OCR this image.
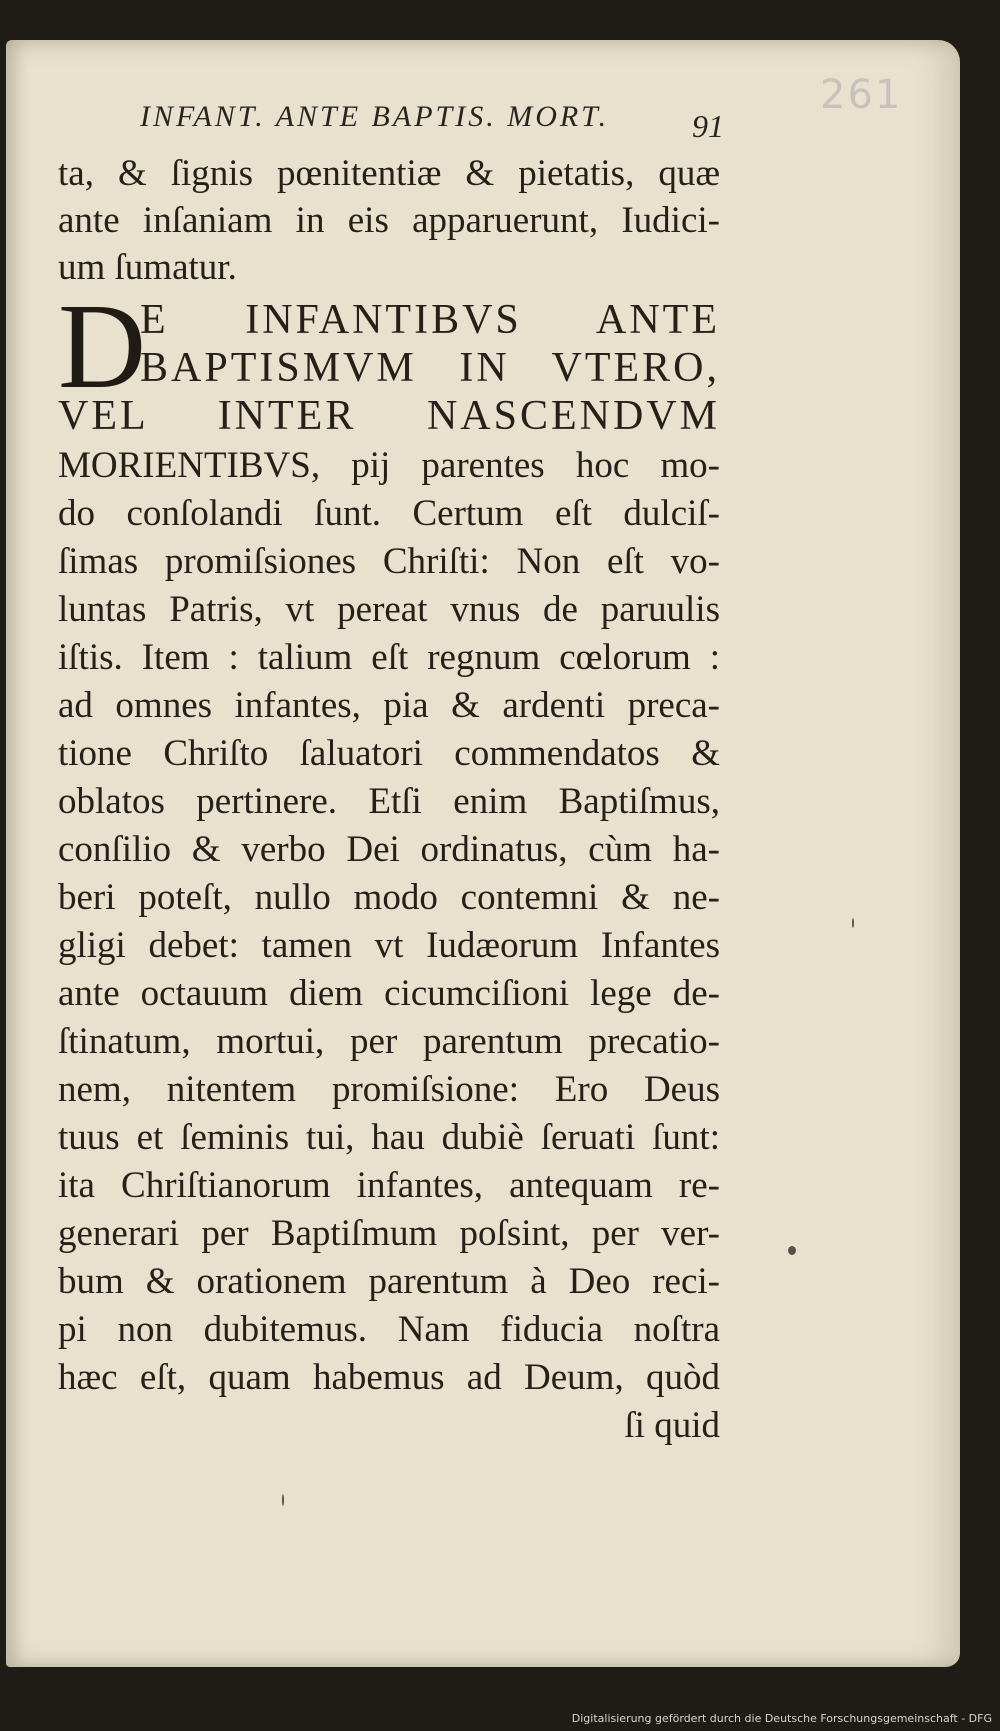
261
INFANT. ANTE BAPTIS. MORT.	91
ta, & ſignis pœnitentiæ & pietatis, quæ
ante inſaniam in eis apparuerunt, Iudici-
um ſumatur.
D
E INFANTIBVS ANTE
BAPTISMVM IN VTERO,
VEL INTER NASCENDVM
MORIENTIBVS, pij parentes hoc mo-
do conſolandi ſunt. Certum eſt dulciſ-
ſimas promiſsiones Chriſti: Non eſt vo-
luntas Patris, vt pereat vnus de paruulis
iſtis. Item : talium eſt regnum cœlorum :
ad omnes infantes, pia & ardenti preca-
tione Chriſto ſaluatori commendatos &
oblatos pertinere. Etſi enim Baptiſmus,
conſilio & verbo Dei ordinatus, cùm ha-
beri poteſt, nullo modo contemni & ne-
gligi debet: tamen vt Iudæorum Infantes
ante octauum diem cicumciſioni lege de-
ſtinatum, mortui, per parentum precatio-
nem, nitentem promiſsione: Ero Deus
tuus et ſeminis tui, hau dubiè ſeruati ſunt:
ita Chriſtianorum infantes, antequam re-
generari per Baptiſmum poſsint, per ver-
bum & orationem parentum à Deo reci-
pi non dubitemus. Nam fiducia noſtra
hæc eſt, quam habemus ad Deum, quòd
ſi quid
Digitalisierung gefördert durch die Deutsche Forschungsgemeinschaft - DFG
